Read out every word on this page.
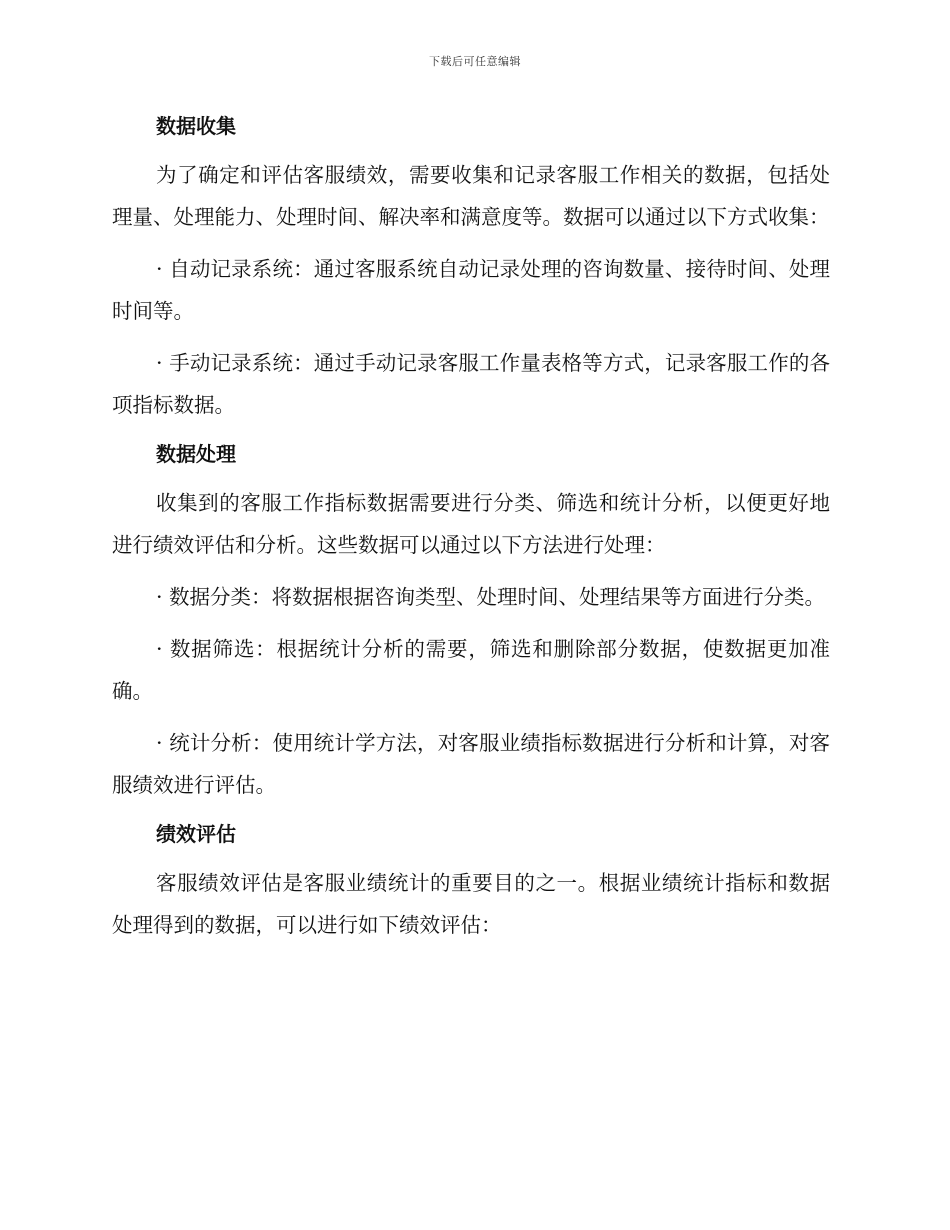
下载后可任意编辑
数据收集

为了确定和评估客服绩效，需要收集和记录客服工作相关的数据，包括处理量、处理能力、处理时间、解决率和满意度等。数据可以通过以下方式收集：

· 自动记录系统：通过客服系统自动记录处理的咨询数量、接待时间、处理时间等。

· 手动记录系统：通过手动记录客服工作量表格等方式，记录客服工作的各项指标数据。

数据处理

收集到的客服工作指标数据需要进行分类、筛选和统计分析，以便更好地进行绩效评估和分析。这些数据可以通过以下方法进行处理：

· 数据分类：将数据根据咨询类型、处理时间、处理结果等方面进行分类。

· 数据筛选：根据统计分析的需要，筛选和删除部分数据，使数据更加准确。

· 统计分析：使用统计学方法，对客服业绩指标数据进行分析和计算，对客服绩效进行评估。

绩效评估

客服绩效评估是客服业绩统计的重要目的之一。根据业绩统计指标和数据处理得到的数据，可以进行如下绩效评估：
